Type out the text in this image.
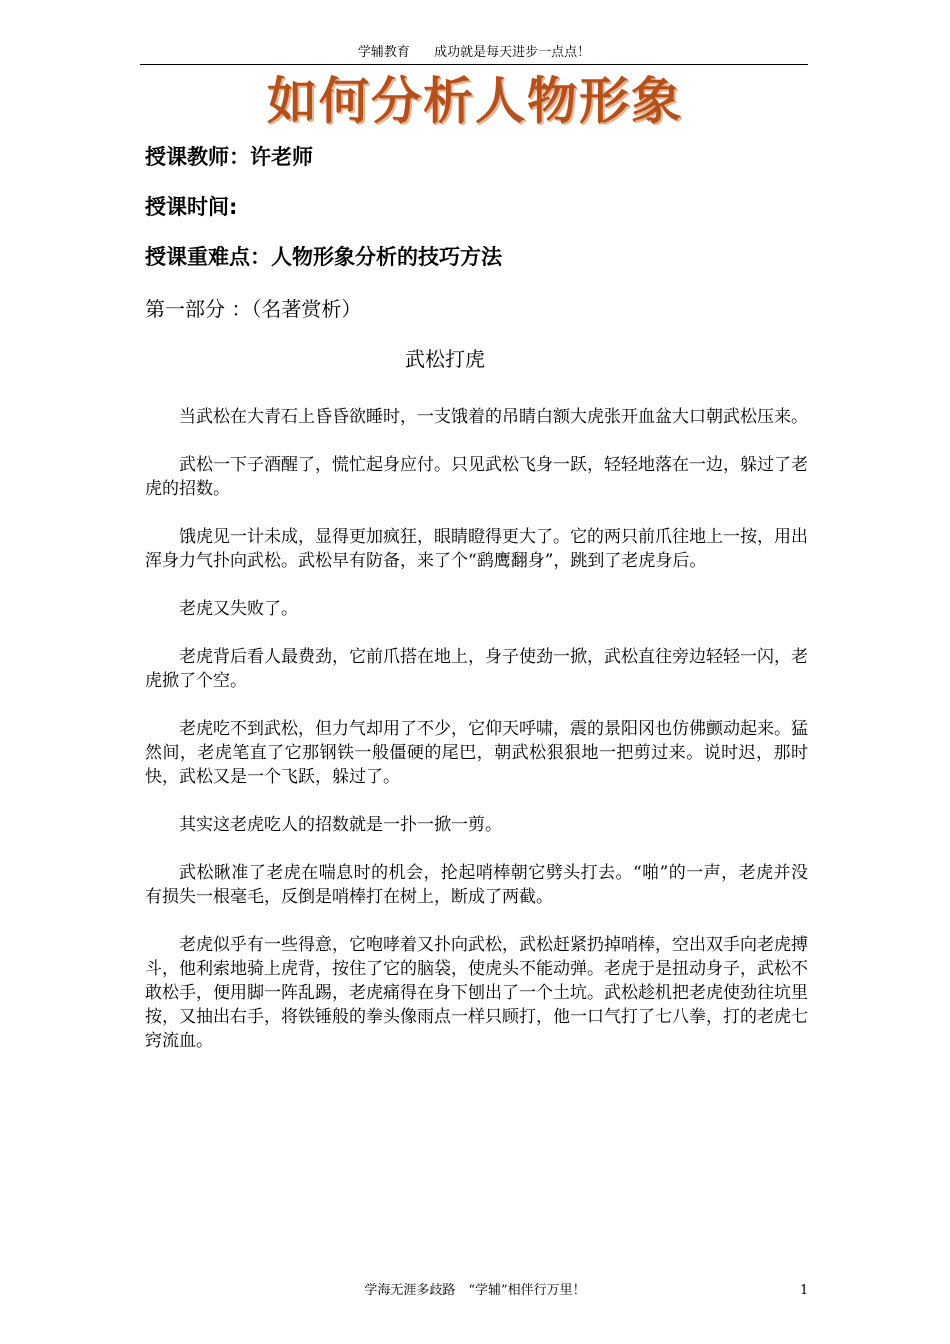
学辅教育 成功就是每天进步一点点！
如何分析人物形象
授课教师：许老师
授课时间:
授课重难点：人物形象分析的技巧方法
第一部分 ：（名著赏析）
武松打虎

当武松在大青石上昏昏欲睡时，一支饿着的吊睛白额大虎张开血盆大口朝武松压来。

武松一下子酒醒了，慌忙起身应付。只见武松飞身一跃，轻轻地落在一边，躲过了老虎的招数。

饿虎见一计未成，显得更加疯狂，眼睛瞪得更大了。它的两只前爪往地上一按，用出浑身力气扑向武松。武松早有防备，来了个“鹞鹰翻身”，跳到了老虎身后。

老虎又失败了。

老虎背后看人最费劲，它前爪搭在地上，身子使劲一掀，武松直往旁边轻轻一闪，老虎掀了个空。

老虎吃不到武松，但力气却用了不少，它仰天呼啸，震的景阳冈也仿佛颤动起来。猛然间，老虎笔直了它那钢铁一般僵硬的尾巴，朝武松狠狠地一把剪过来。说时迟，那时快，武松又是一个飞跃，躲过了。

其实这老虎吃人的招数就是一扑一掀一剪。

武松瞅准了老虎在喘息时的机会，抡起哨棒朝它劈头打去。“啪”的一声，老虎并没有损失一根毫毛，反倒是哨棒打在树上，断成了两截。

老虎似乎有一些得意，它咆哮着又扑向武松，武松赶紧扔掉哨棒，空出双手向老虎搏斗，他利索地骑上虎背，按住了它的脑袋，使虎头不能动弹。老虎于是扭动身子，武松不敢松手，便用脚一阵乱踢，老虎痛得在身下刨出了一个土坑。武松趁机把老虎使劲往坑里按，又抽出右手，将铁锤般的拳头像雨点一样只顾打，他一口气打了七八拳，打的老虎七窍流血。

学海无涯多歧路　“学辅”相伴行万里！	1
